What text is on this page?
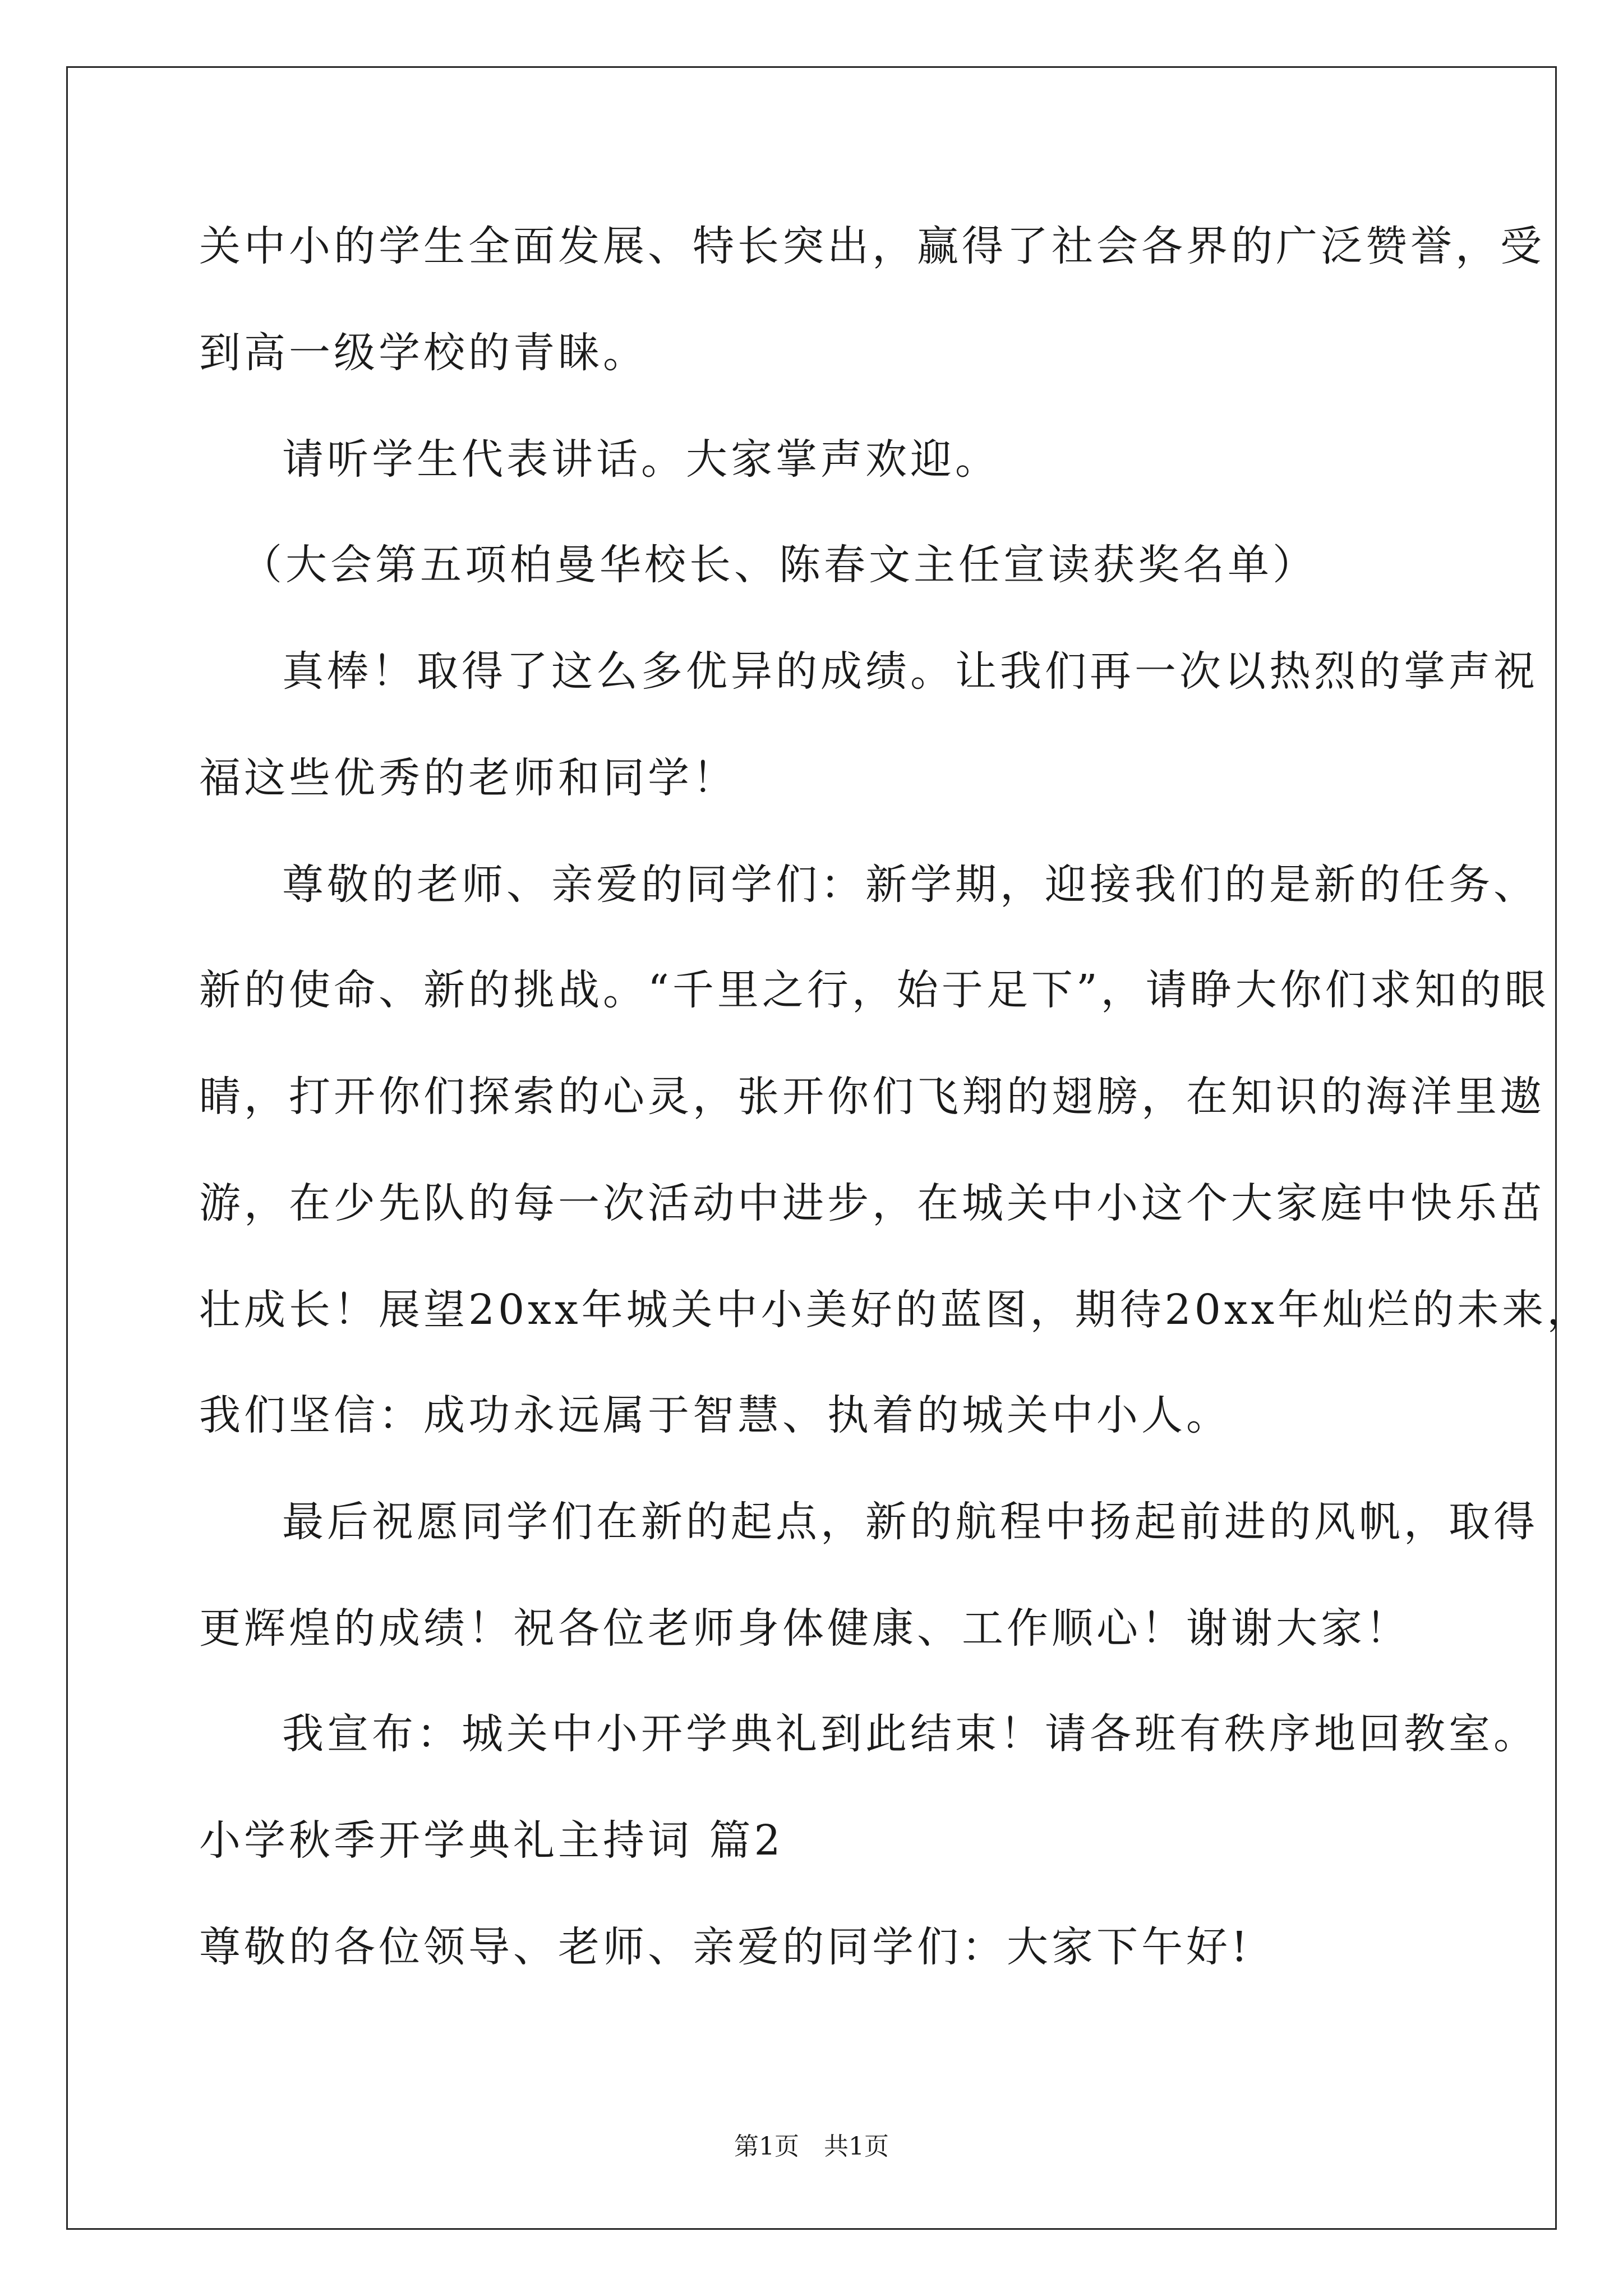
关中小的学生全面发展、特长突出，赢得了社会各界的广泛赞誉，受
到高一级学校的青睐。
请听学生代表讲话。大家掌声欢迎。
（大会第五项柏曼华校长、陈春文主任宣读获奖名单）
真棒！取得了这么多优异的成绩。让我们再一次以热烈的掌声祝
福这些优秀的老师和同学！
尊敬的老师、亲爱的同学们：新学期，迎接我们的是新的任务、
新的使命、新的挑战。“千里之行，始于足下”，请睁大你们求知的眼
睛，打开你们探索的心灵，张开你们飞翔的翅膀，在知识的海洋里遨
游，在少先队的每一次活动中进步，在城关中小这个大家庭中快乐茁
壮成长！展望20xx年城关中小美好的蓝图，期待20xx年灿烂的未来，
我们坚信：成功永远属于智慧、执着的城关中小人。
最后祝愿同学们在新的起点，新的航程中扬起前进的风帆，取得
更辉煌的成绩！祝各位老师身体健康、工作顺心！谢谢大家！
我宣布：城关中小开学典礼到此结束！请各班有秩序地回教室。
小学秋季开学典礼主持词 篇2
尊敬的各位领导、老师、亲爱的同学们：大家下午好!
第1页　共1页
